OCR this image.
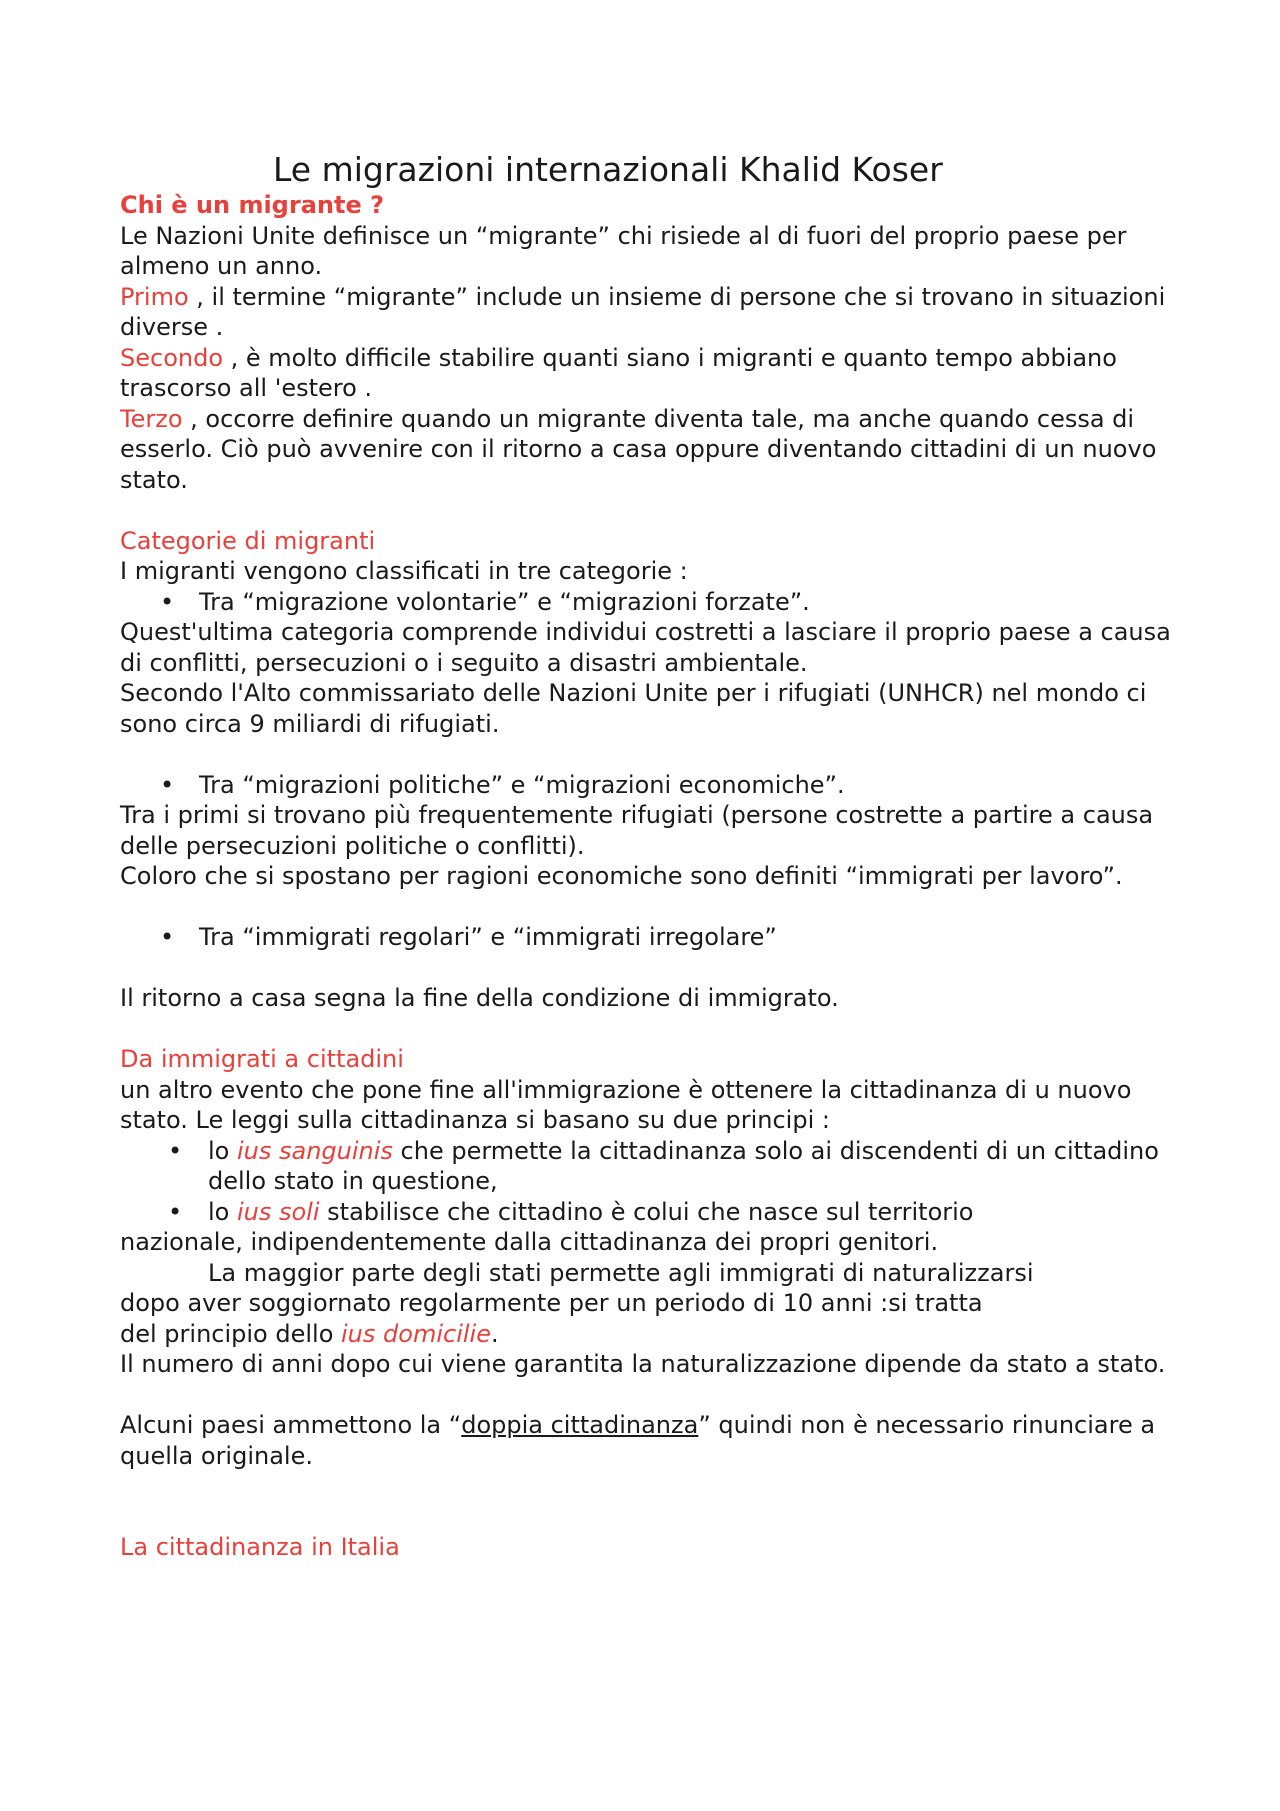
Le migrazioni internazionali Khalid Koser
Chi è un migrante ?

Le Nazioni Unite definisce un “migrante” chi risiede al di fuori del proprio paese per almeno un anno.

Primo , il termine “migrante” include un insieme di persone che si trovano in situazioni diverse .

Secondo , è molto difficile stabilire quanti siano i migranti e quanto tempo abbiano trascorso all 'estero .

Terzo , occorre definire quando un migrante diventa tale, ma anche quando cessa di esserlo. Ciò può avvenire con il ritorno a casa oppure diventando cittadini di un nuovo stato.

Categorie di migranti

I migranti vengono classificati in tre categorie :

• Tra “migrazione volontarie” e “migrazioni forzate”.

Quest'ultima categoria comprende individui costretti a lasciare il proprio paese a causa di conflitti, persecuzioni o i seguito a disastri ambientale.

Secondo l'Alto commissariato delle Nazioni Unite per i rifugiati (UNHCR) nel mondo ci sono circa 9 miliardi di rifugiati.

• Tra “migrazioni politiche” e “migrazioni economiche”.

Tra i primi si trovano più frequentemente rifugiati (persone costrette a partire a causa delle persecuzioni politiche o conflitti).

Coloro che si spostano per ragioni economiche sono definiti “immigrati per lavoro”.

• Tra “immigrati regolari” e “immigrati irregolare”

Il ritorno a casa segna la fine della condizione di immigrato.

Da immigrati a cittadini

un altro evento che pone fine all'immigrazione è ottenere la cittadinanza di u nuovo stato. Le leggi sulla cittadinanza si basano su due principi :

• lo ius sanguinis che permette la cittadinanza solo ai discendenti di un cittadino dello stato in questione,
• lo ius soli stabilisce che cittadino è colui che nasce sul territorio

nazionale, indipendentemente dalla cittadinanza dei propri genitori.

La maggior parte degli stati permette agli immigrati di naturalizzarsi

dopo aver soggiornato regolarmente per un periodo di 10 anni :si tratta

del principio dello ius domicilie.

Il numero di anni dopo cui viene garantita la naturalizzazione dipende da stato a stato.

Alcuni paesi ammettono la “doppia cittadinanza” quindi non è necessario rinunciare a quella originale.

La cittadinanza in Italia
